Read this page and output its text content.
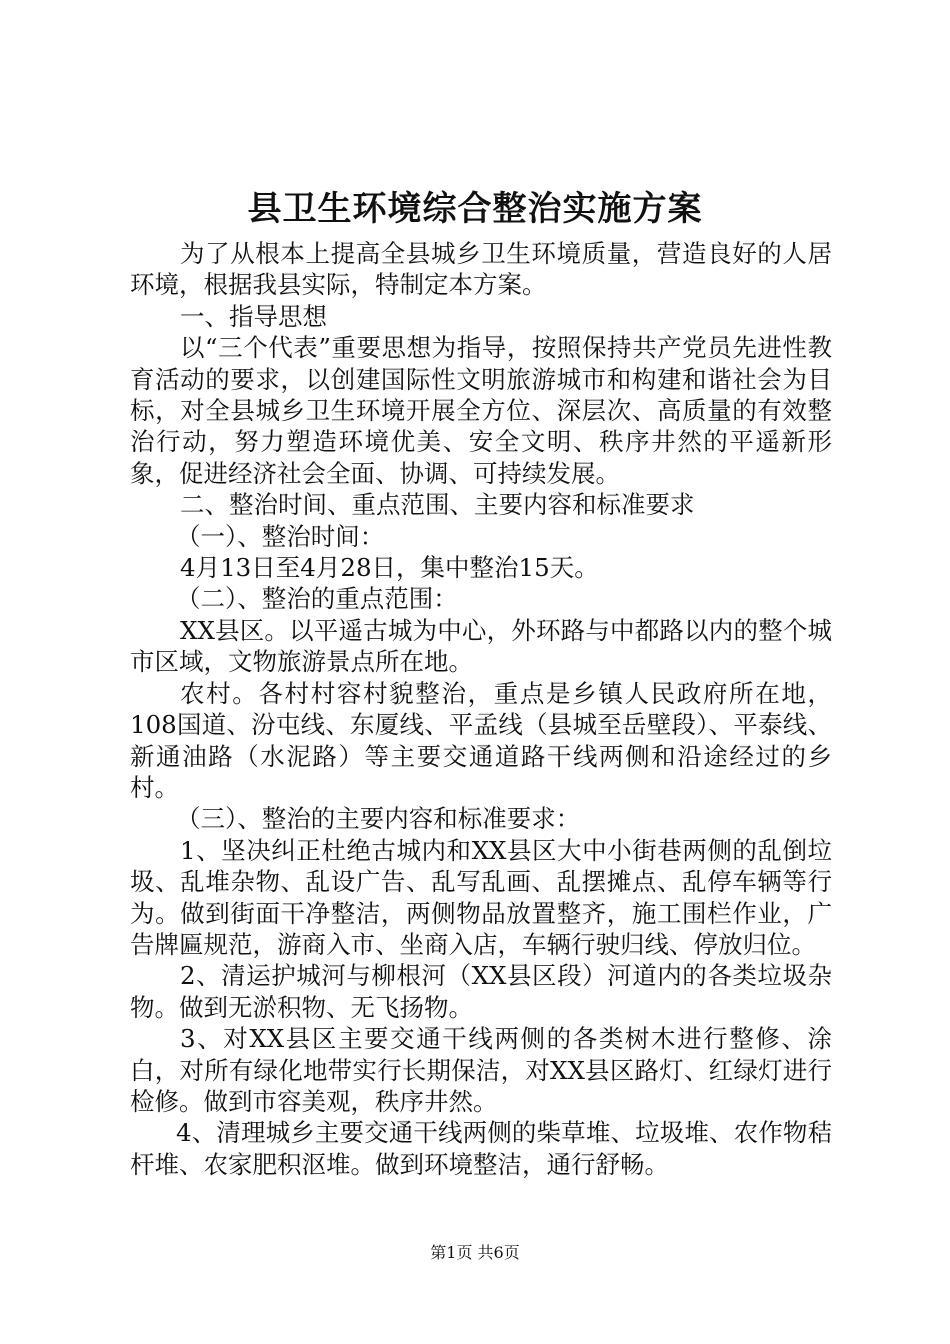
县卫生环境综合整治实施方案

为了从根本上提高全县城乡卫生环境质量，营造良好的人居环境，根据我县实际，特制定本方案。

一、指导思想

以“三个代表”重要思想为指导，按照保持共产党员先进性教育活动的要求，以创建国际性文明旅游城市和构建和谐社会为目标，对全县城乡卫生环境开展全方位、深层次、高质量的有效整治行动，努力塑造环境优美、安全文明、秩序井然的平遥新形象，促进经济社会全面、协调、可持续发展。

二、整治时间、重点范围、主要内容和标准要求

（一）、整治时间：

4月13日至4月28日，集中整治15天。

（二）、整治的重点范围：

XX县区。以平遥古城为中心，外环路与中都路以内的整个城市区域，文物旅游景点所在地。

农村。各村村容村貌整治，重点是乡镇人民政府所在地，108国道、汾屯线、东厦线、平孟线（县城至岳壁段）、平泰线、新通油路（水泥路）等主要交通道路干线两侧和沿途经过的乡村。

（三）、整治的主要内容和标准要求：

1、坚决纠正杜绝古城内和XX县区大中小街巷两侧的乱倒垃圾、乱堆杂物、乱设广告、乱写乱画、乱摆摊点、乱停车辆等行为。做到街面干净整洁，两侧物品放置整齐，施工围栏作业，广告牌匾规范，游商入市、坐商入店，车辆行驶归线、停放归位。

2、清运护城河与柳根河（XX县区段）河道内的各类垃圾杂物。做到无淤积物、无飞扬物。

3、对XX县区主要交通干线两侧的各类树木进行整修、涂白，对所有绿化地带实行长期保洁，对XX县区路灯、红绿灯进行检修。做到市容美观，秩序井然。

4、清理城乡主要交通干线两侧的柴草堆、垃圾堆、农作物秸杆堆、农家肥积沤堆。做到环境整洁，通行舒畅。

第1页 共6页
